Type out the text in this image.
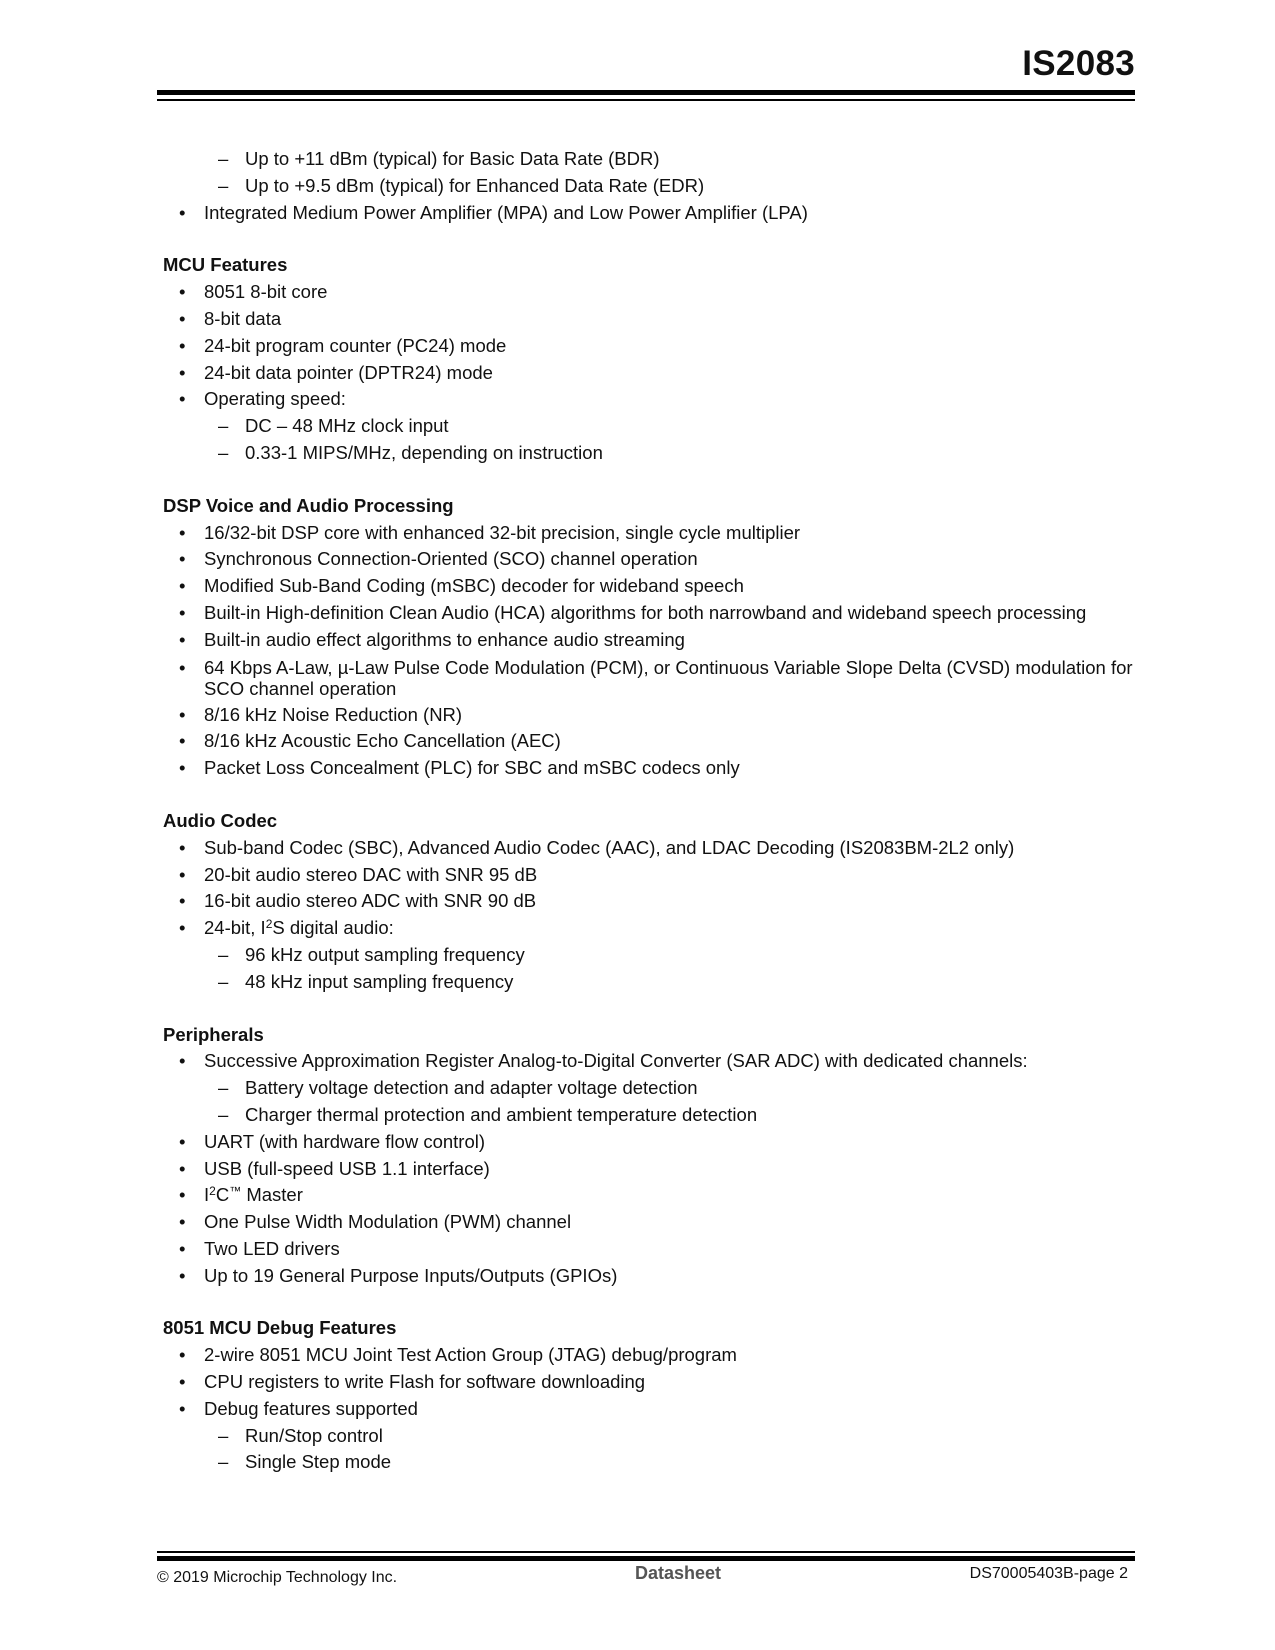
IS2083
– Up to +11 dBm (typical) for Basic Data Rate (BDR)
– Up to +9.5 dBm (typical) for Enhanced Data Rate (EDR)
• Integrated Medium Power Amplifier (MPA) and Low Power Amplifier (LPA)
MCU Features
• 8051 8-bit core
• 8-bit data
• 24-bit program counter (PC24) mode
• 24-bit data pointer (DPTR24) mode
• Operating speed:
– DC – 48 MHz clock input
– 0.33-1 MIPS/MHz, depending on instruction
DSP Voice and Audio Processing
• 16/32-bit DSP core with enhanced 32-bit precision, single cycle multiplier
• Synchronous Connection-Oriented (SCO) channel operation
• Modified Sub-Band Coding (mSBC) decoder for wideband speech
• Built-in High-definition Clean Audio (HCA) algorithms for both narrowband and wideband speech processing
• Built-in audio effect algorithms to enhance audio streaming
• 64 Kbps A-Law, µ-Law Pulse Code Modulation (PCM), or Continuous Variable Slope Delta (CVSD) modulation for SCO channel operation
• 8/16 kHz Noise Reduction (NR)
• 8/16 kHz Acoustic Echo Cancellation (AEC)
• Packet Loss Concealment (PLC) for SBC and mSBC codecs only
Audio Codec
• Sub-band Codec (SBC), Advanced Audio Codec (AAC), and LDAC Decoding (IS2083BM-2L2 only)
• 20-bit audio stereo DAC with SNR 95 dB
• 16-bit audio stereo ADC with SNR 90 dB
• 24-bit, $I^2S$ digital audio:
– 96 kHz output sampling frequency
– 48 kHz input sampling frequency
Peripherals
• Successive Approximation Register Analog-to-Digital Converter (SAR ADC) with dedicated channels:
– Battery voltage detection and adapter voltage detection
– Charger thermal protection and ambient temperature detection
• UART (with hardware flow control)
• USB (full-speed USB 1.1 interface)
• $I^2C™$ Master
• One Pulse Width Modulation (PWM) channel
• Two LED drivers
• Up to 19 General Purpose Inputs/Outputs (GPIOs)
8051 MCU Debug Features
• 2-wire 8051 MCU Joint Test Action Group (JTAG) debug/program
• CPU registers to write Flash for software downloading
• Debug features supported
– Run/Stop control
– Single Step mode
© 2019 Microchip Technology Inc.	Datasheet	DS70005403B-page 2
